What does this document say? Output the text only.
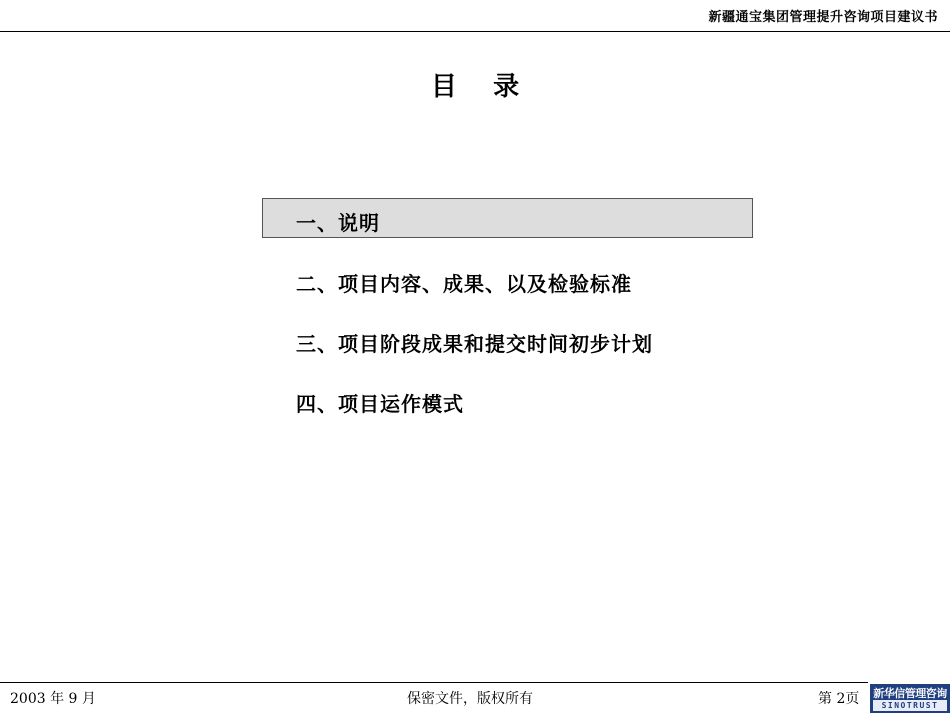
新疆通宝集团管理提升咨询项目建议书
目    录
一、说明
二、项目内容、成果、以及检验标准
三、项目阶段成果和提交时间初步计划
四、项目运作模式
2003 年 9 月	保密文件，版权所有	第 2页 新华信管理咨询
SINOTRUST
